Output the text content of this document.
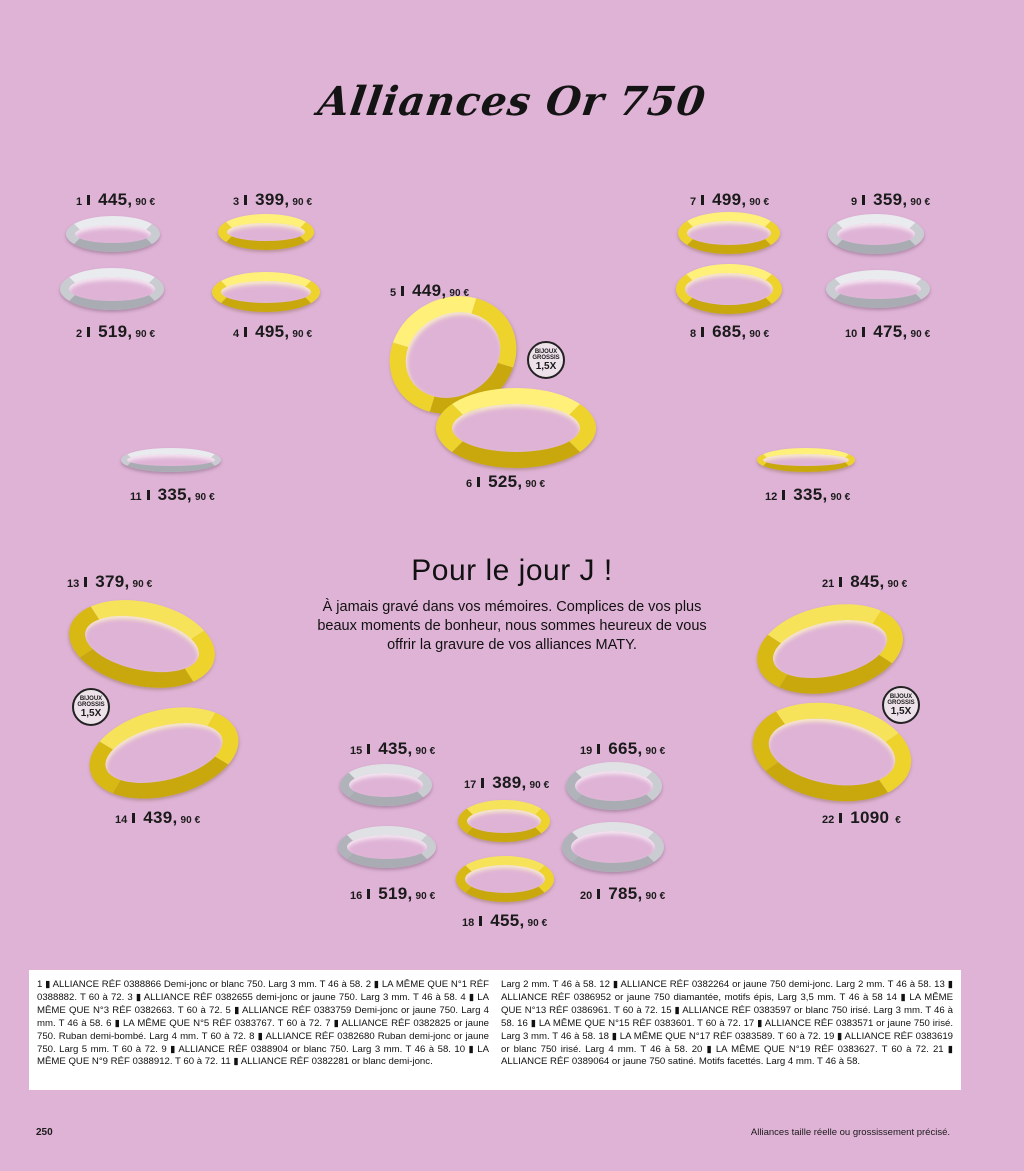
Alliances Or 750
BIJOUX
GROSSIS
1,5X
BIJOUX
GROSSIS
1,5X
BIJOUX
GROSSIS
1,5X
1 445, 90 €
2 519, 90 €
3 399, 90 €
4 495, 90 €
5 449, 90 €
6 525, 90 €
7 499, 90 €
8 685, 90 €
9 359, 90 €
10 475, 90 €
11 335, 90 €	12 335, 90 €
13 379, 90 €
14 439, 90 €
15 435, 90 €
16 519, 90 €
17 389, 90 €
18 455, 90 €
19 665, 90 €
20 785, 90 €
21 845, 90 €
22 1090 €
Pour le jour J !
À jamais gravé dans vos mémoires. Complices de vos plus beaux moments de bonheur, nous sommes heureux de vous offrir la gravure de vos alliances MATY.
1 ▮ ALLIANCE RÉF 0388866 Demi-jonc or blanc 750. Larg 3 mm. T 46 à 58. 2 ▮ LA MÊME QUE N°1 RÉF 0388882. T 60 à 72. 3 ▮ ALLIANCE RÉF 0382655 demi-jonc or jaune 750. Larg 3 mm. T 46 à 58. 4 ▮ LA MÊME QUE N°3 RÉF 0382663. T 60 à 72. 5 ▮ ALLIANCE RÉF 0383759 Demi-jonc or jaune 750. Larg 4 mm. T 46 à 58. 6 ▮ LA MÊME QUE N°5 RÉF 0383767. T 60 à 72. 7 ▮ ALLIANCE RÉF 0382825 or jaune 750. Ruban demi-bombé. Larg 4 mm. T 60 à 72. 8 ▮ ALLIANCE RÉF 0382680 Ruban demi-jonc or jaune 750. Larg 5 mm. T 60 à 72. 9 ▮ ALLIANCE RÉF 0388904 or blanc 750. Larg 3 mm. T 46 à 58. 10 ▮ LA MÊME QUE N°9 RÉF 0388912. T 60 à 72. 11 ▮ ALLIANCE RÉF 0382281 or blanc demi-jonc.
Larg 2 mm. T 46 à 58. 12 ▮ ALLIANCE RÉF 0382264 or jaune 750 demi-jonc. Larg 2 mm. T 46 à 58. 13 ▮ ALLIANCE RÉF 0386952 or jaune 750 diamantée, motifs épis, Larg 3,5 mm. T 46 à 58 14 ▮ LA MÊME QUE N°13 RÉF 0386961. T 60 à 72. 15 ▮ ALLIANCE RÉF 0383597 or blanc 750 irisé. Larg 3 mm. T 46 à 58. 16 ▮ LA MÊME QUE N°15 RÉF 0383601. T 60 à 72. 17 ▮ ALLIANCE RÉF 0383571 or jaune 750 irisé. Larg 3 mm. T 46 à 58. 18 ▮ LA MÊME QUE N°17 RÉF 0383589. T 60 à 72. 19 ▮ ALLIANCE RÉF 0383619 or blanc 750 irisé. Larg 4 mm. T 46 à 58. 20 ▮ LA MÊME QUE N°19 RÉF 0383627. T 60 à 72. 21 ▮ ALLIANCE RÉF 0389064 or jaune 750 satiné. Motifs facettés. Larg 4 mm. T 46 à 58.
250	Alliances taille réelle ou grossissement précisé.
